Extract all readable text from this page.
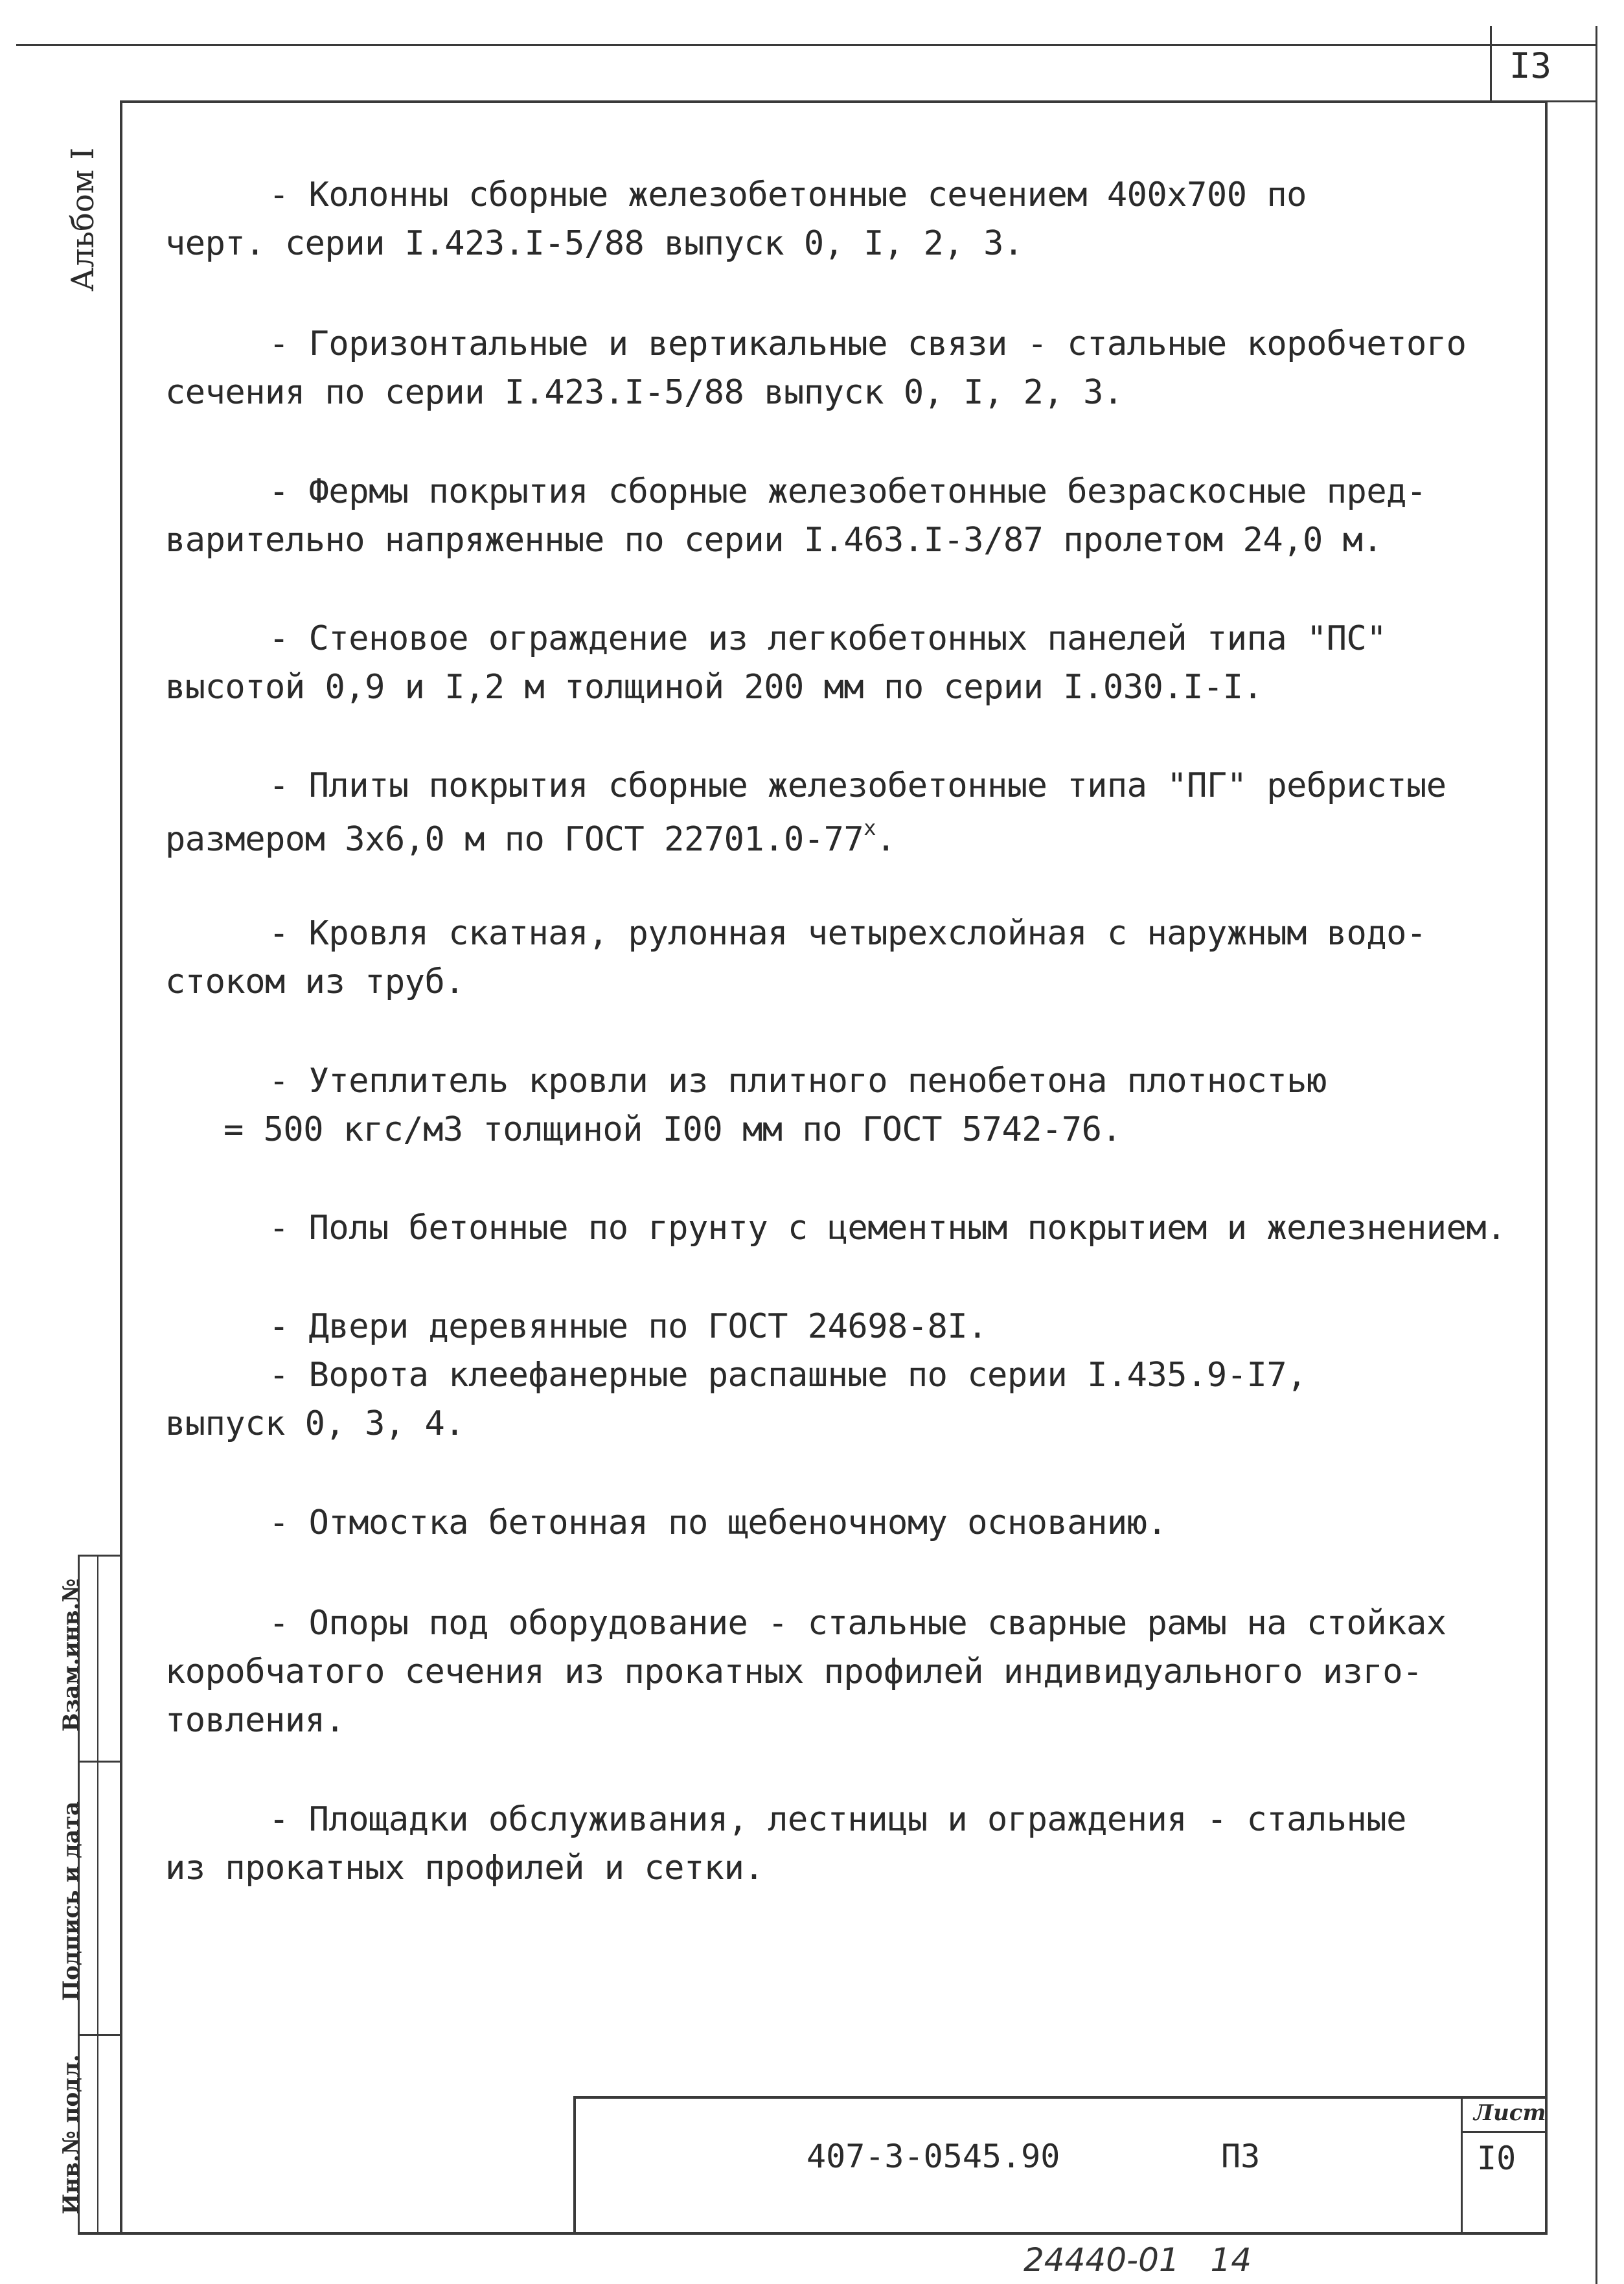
I3
Альбом I
Взам.инв.№
Подпись и дата
Инв.№ подл.
- Колонны сборные железобетонные сечением 400х700 по
черт. серии I.423.I-5/88 выпуск 0, I, 2, 3.
- Горизонтальные и вертикальные связи - стальные коробчетого
сечения по серии I.423.I-5/88 выпуск 0, I, 2, 3.
- Фермы покрытия сборные железобетонные безраскосные пред-
варительно напряженные по серии I.463.I-3/87 пролетом 24,0 м.
- Стеновое ограждение из легкобетонных панелей типа "ПС"
высотой 0,9 и I,2 м толщиной 200 мм по серии I.030.I-I.
- Плиты покрытия сборные железобетонные типа "ПГ" ребристые
размером 3х6,0 м по ГОСТ $22701.0-77^х$.
- Кровля скатная, рулонная четырехслойная с наружным водо-
стоком из труб.
- Утеплитель кровли из плитного пенобетона плотностью
= 500 кгс/м3 толщиной I00 мм по ГОСТ 5742-76.
- Полы бетонные по грунту с цементным покрытием и железнением.
- Двери деревянные по ГОСТ 24698-8I.
- Ворота клеефанерные распашные по серии I.435.9-I7,
выпуск 0, 3, 4.
- Отмостка бетонная по щебеночному основанию.
- Опоры под оборудование - стальные сварные рамы на стойках
коробчатого сечения из прокатных профилей индивидуального изго-
товления.
- Площадки обслуживания, лестницы и ограждения - стальные
из прокатных профилей и сетки.
407-3-0545.90	ПЗ
Лист
I0
24440-01   14
